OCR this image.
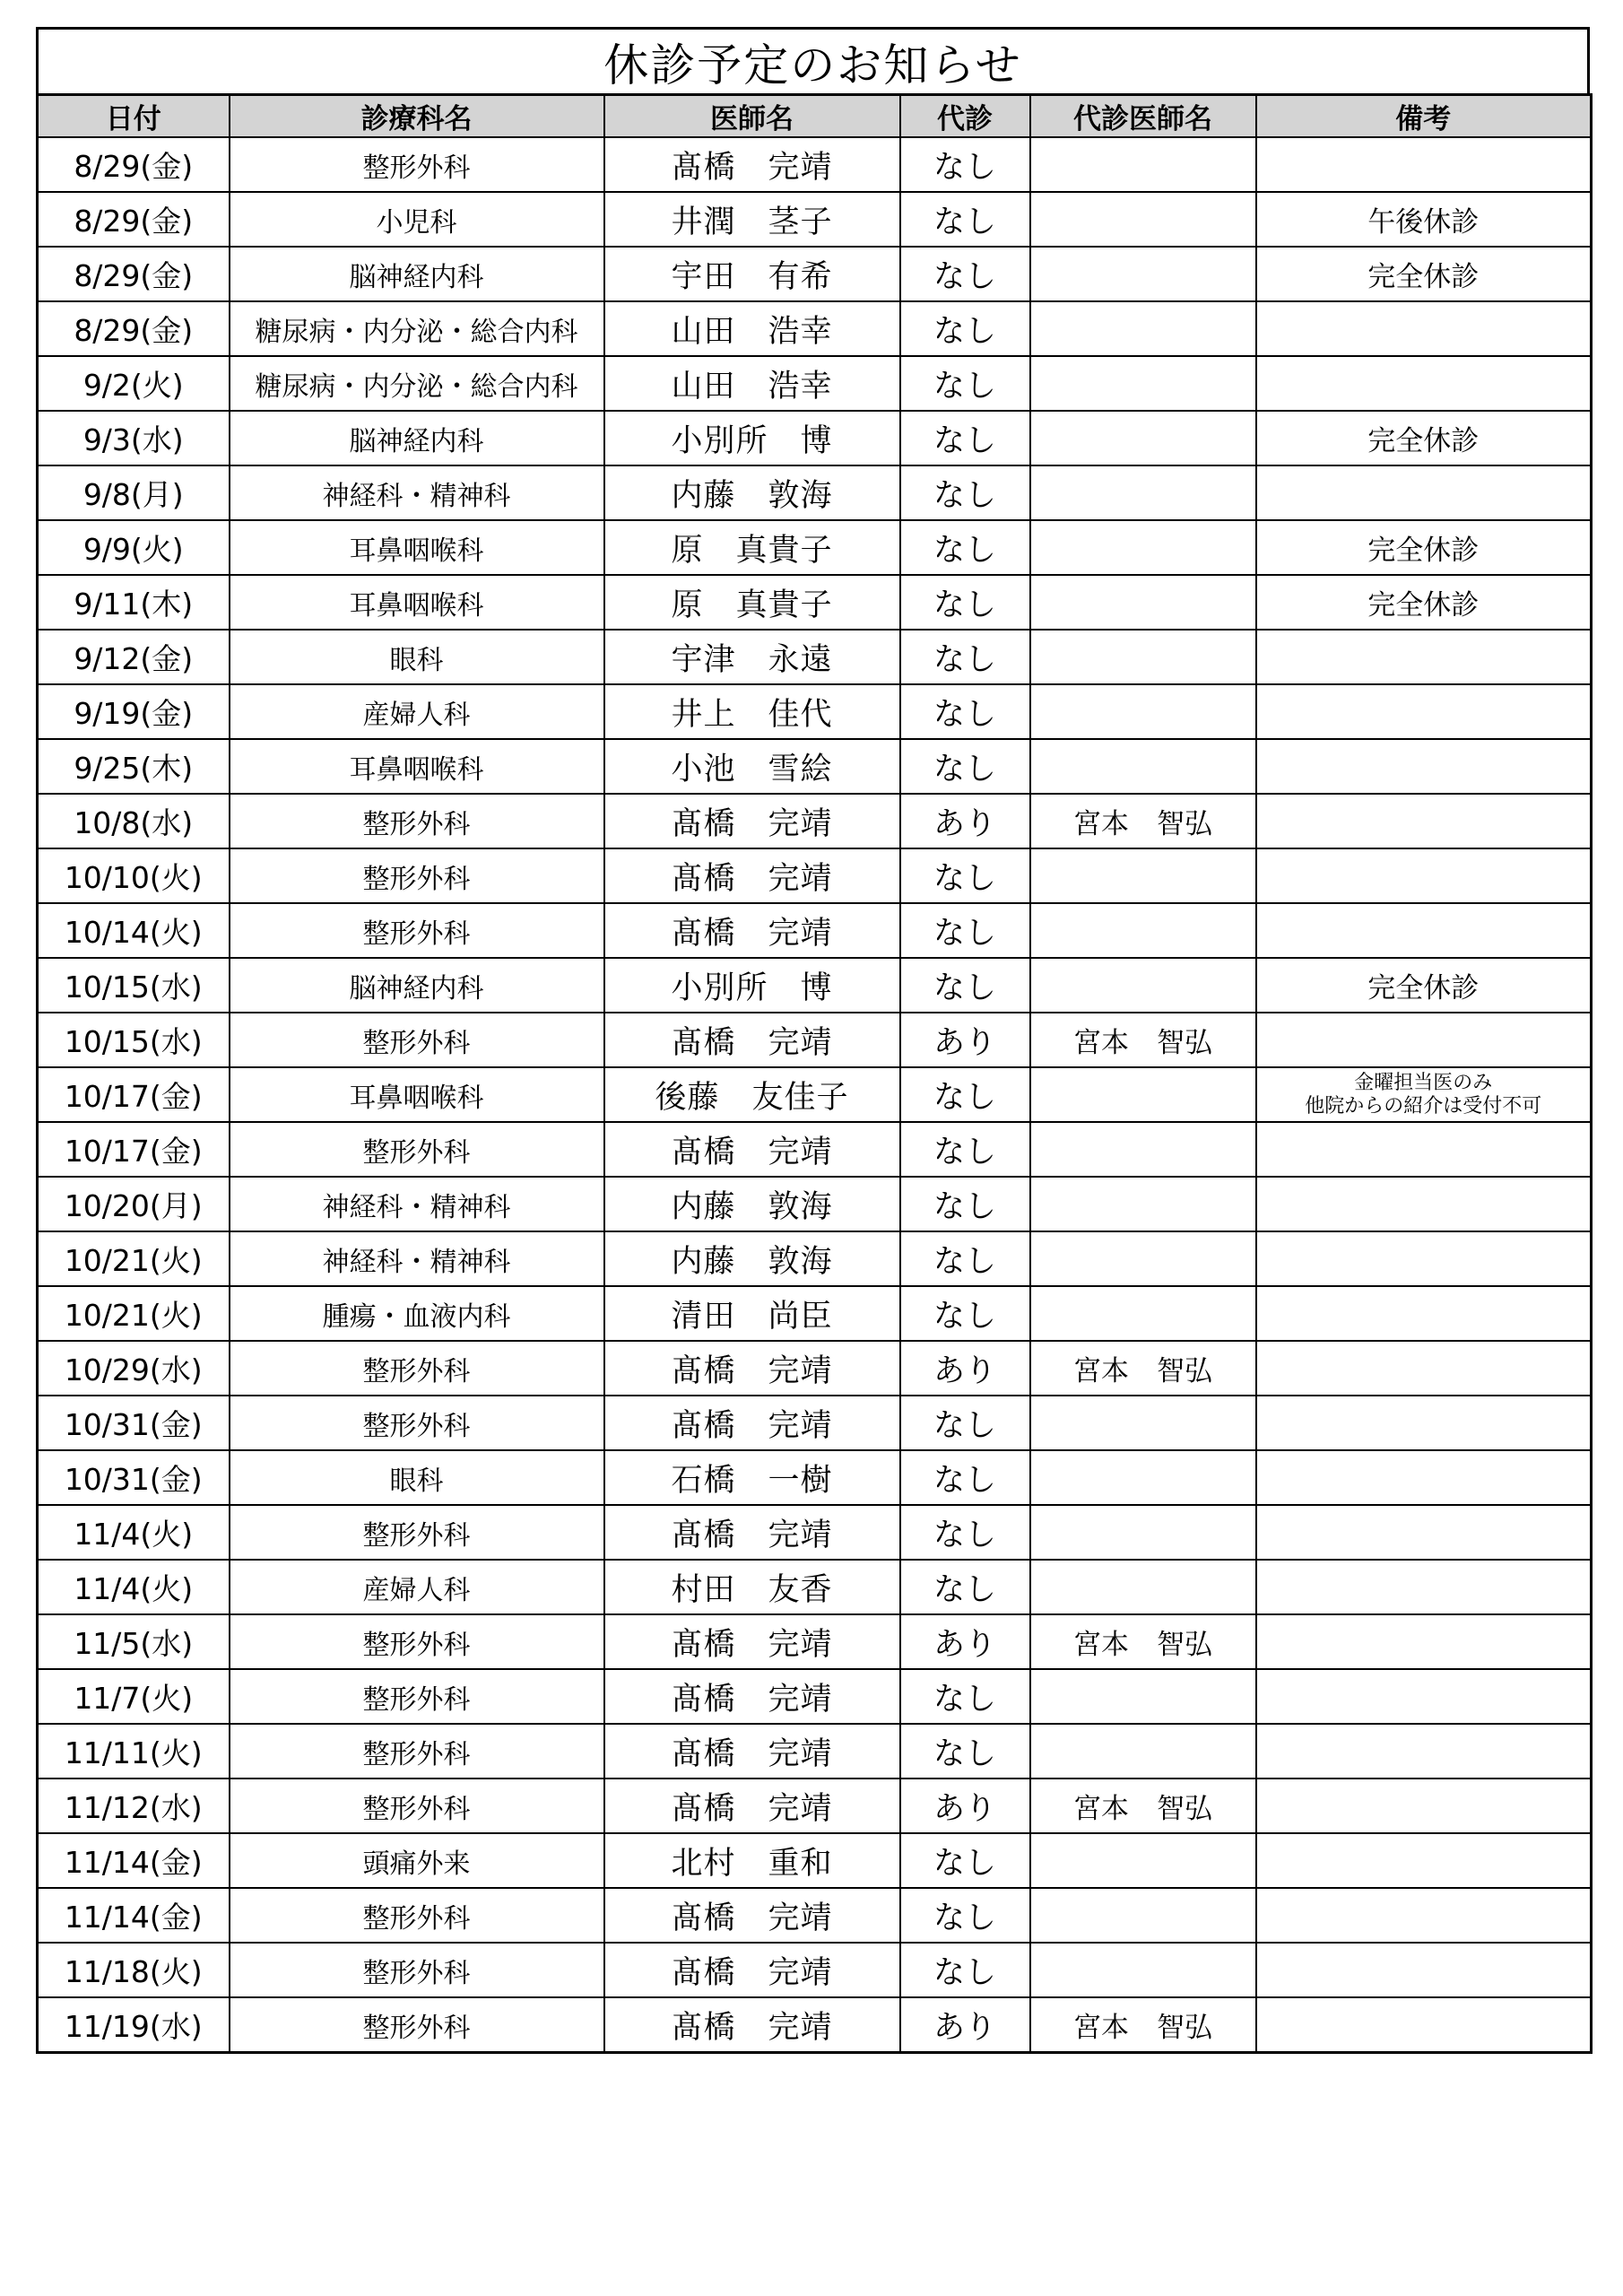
休診予定のお知らせ
日付	診療科名	医師名	代診	代診医師名	備考
8/29(金)	整形外科	髙橋　完靖	なし		
8/29(金)	小児科	井潤　茎子	なし		午後休診
8/29(金)	脳神経内科	宇田　有希	なし		完全休診
8/29(金)	糖尿病・内分泌・総合内科	山田　浩幸	なし		
9/2(火)	糖尿病・内分泌・総合内科	山田　浩幸	なし		
9/3(水)	脳神経内科	小別所　博	なし		完全休診
9/8(月)	神経科・精神科	内藤　敦海	なし		
9/9(火)	耳鼻咽喉科	原　真貴子	なし		完全休診
9/11(木)	耳鼻咽喉科	原　真貴子	なし		完全休診
9/12(金)	眼科	宇津　永遠	なし		
9/19(金)	産婦人科	井上　佳代	なし		
9/25(木)	耳鼻咽喉科	小池　雪絵	なし		
10/8(水)	整形外科	髙橋　完靖	あり	宮本　智弘	
10/10(火)	整形外科	髙橋　完靖	なし		
10/14(火)	整形外科	髙橋　完靖	なし		
10/15(水)	脳神経内科	小別所　博	なし		完全休診
10/15(水)	整形外科	髙橋　完靖	あり	宮本　智弘	
10/17(金)	耳鼻咽喉科	後藤　友佳子	なし		金曜担当医のみ
他院からの紹介は受付不可
10/17(金)	整形外科	髙橋　完靖	なし		
10/20(月)	神経科・精神科	内藤　敦海	なし		
10/21(火)	神経科・精神科	内藤　敦海	なし		
10/21(火)	腫瘍・血液内科	清田　尚臣	なし		
10/29(水)	整形外科	髙橋　完靖	あり	宮本　智弘	
10/31(金)	整形外科	髙橋　完靖	なし		
10/31(金)	眼科	石橋　一樹	なし		
11/4(火)	整形外科	髙橋　完靖	なし		
11/4(火)	産婦人科	村田　友香	なし		
11/5(水)	整形外科	髙橋　完靖	あり	宮本　智弘	
11/7(火)	整形外科	髙橋　完靖	なし		
11/11(火)	整形外科	髙橋　完靖	なし		
11/12(水)	整形外科	髙橋　完靖	あり	宮本　智弘	
11/14(金)	頭痛外来	北村　重和	なし		
11/14(金)	整形外科	髙橋　完靖	なし		
11/18(火)	整形外科	髙橋　完靖	なし		
11/19(水)	整形外科	髙橋　完靖	あり	宮本　智弘	
